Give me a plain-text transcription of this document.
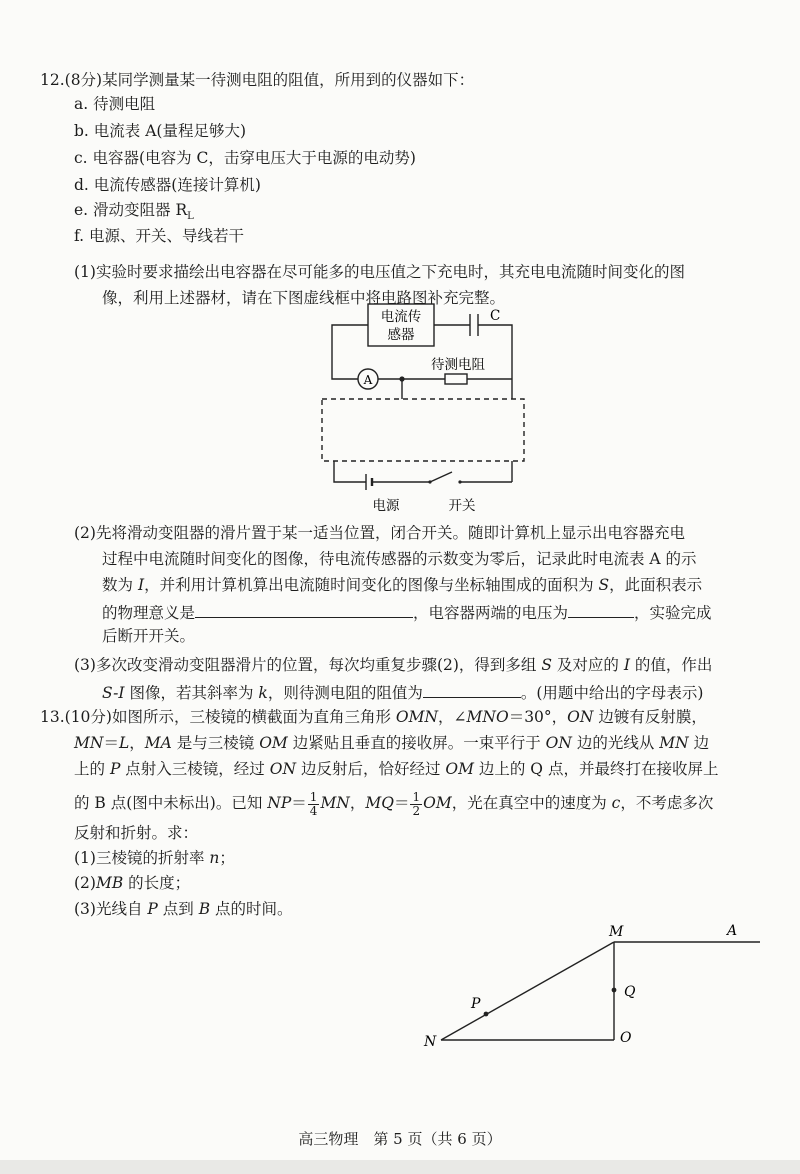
12.(8分)某同学测量某一待测电阻的阻值，所用到的仪器如下：
a. 待测电阻
b. 电流表 A(量程足够大)
c. 电容器(电容为 C，击穿电压大于电源的电动势)
d. 电流传感器(连接计算机)
e. 滑动变阻器 $R_L$
f. 电源、开关、导线若干
(1)实验时要求描绘出电容器在尽可能多的电压值之下充电时，其充电电流随时间变化的图
像，利用上述器材，请在下图虚线框中将电路图补充完整。
电流传
感器
C
A
待测电阻
电源	开关
(2)先将滑动变阻器的滑片置于某一适当位置，闭合开关。随即计算机上显示出电容器充电
过程中电流随时间变化的图像，待电流传感器的示数变为零后，记录此时电流表 A 的示
数为 I，并利用计算机算出电流随时间变化的图像与坐标轴围成的面积为 S，此面积表示
的物理意义是	，电容器两端的电压为	，实验完成
后断开开关。
(3)多次改变滑动变阻器滑片的位置，每次均重复步骤(2)，得到多组 S 及对应的 I 的值，作出
S-I 图像，若其斜率为 k，则待测电阻的阻值为	。(用题中给出的字母表示)
13.(10分)如图所示，三棱镜的横截面为直角三角形 OMN，∠MNO＝30°，ON 边镀有反射膜，
MN＝L，MA 是与三棱镜 OM 边紧贴且垂直的接收屏。一束平行于 ON 边的光线从 MN 边
上的 P 点射入三棱镜，经过 ON 边反射后，恰好经过 OM 边上的 Q 点，并最终打在接收屏上
的 B 点(图中未标出)。已知 $NP= \frac{1}{4}$ MN，$MQ= \frac{1}{2}$ OM，光在真空中的速度为 c，不考虑多次
反射和折射。求：
(1)三棱镜的折射率 n；
(2)MB 的长度；
(3)光线自 P 点到 B 点的时间。
M	A
P
Q
N	O
高三物理　第 5 页（共 6 页）
